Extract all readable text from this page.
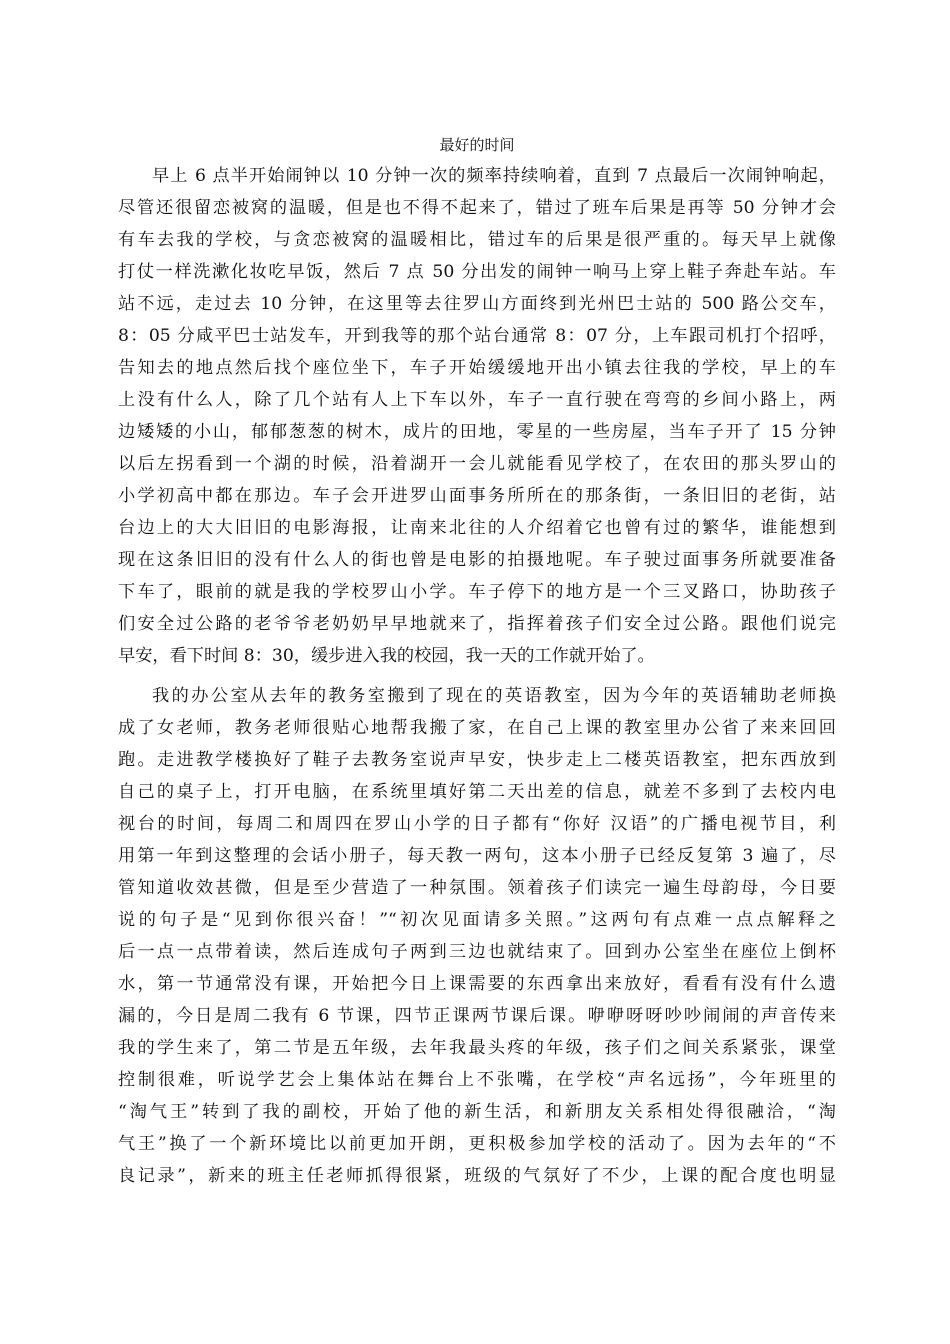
最好的时间
早上 6 点半开始闹钟以 10 分钟一次的频率持续响着，直到 7 点最后一次闹钟响起，
尽管还很留恋被窝的温暖，但是也不得不起来了，错过了班车后果是再等 50 分钟才会
有车去我的学校，与贪恋被窝的温暖相比，错过车的后果是很严重的。每天早上就像
打仗一样洗漱化妆吃早饭，然后 7 点 50 分出发的闹钟一响马上穿上鞋子奔赴车站。车
站不远，走过去 10 分钟，在这里等去往罗山方面终到光州巴士站的 500 路公交车，
8：05 分咸平巴士站发车，开到我等的那个站台通常 8：07 分，上车跟司机打个招呼，
告知去的地点然后找个座位坐下，车子开始缓缓地开出小镇去往我的学校，早上的车
上没有什么人，除了几个站有人上下车以外，车子一直行驶在弯弯的乡间小路上，两
边矮矮的小山，郁郁葱葱的树木，成片的田地，零星的一些房屋，当车子开了 15 分钟
以后左拐看到一个湖的时候，沿着湖开一会儿就能看见学校了，在农田的那头罗山的
小学初高中都在那边。车子会开进罗山面事务所所在的那条街，一条旧旧的老街，站
台边上的大大旧旧的电影海报，让南来北往的人介绍着它也曾有过的繁华，谁能想到
现在这条旧旧的没有什么人的街也曾是电影的拍摄地呢。车子驶过面事务所就要准备
下车了，眼前的就是我的学校罗山小学。车子停下的地方是一个三叉路口，协助孩子
们安全过公路的老爷爷老奶奶早早地就来了，指挥着孩子们安全过公路。跟他们说完
早安，看下时间 8：30，缓步进入我的校园，我一天的工作就开始了。
我的办公室从去年的教务室搬到了现在的英语教室，因为今年的英语辅助老师换
成了女老师，教务老师很贴心地帮我搬了家，在自己上课的教室里办公省了来来回回
跑。走进教学楼换好了鞋子去教务室说声早安，快步走上二楼英语教室，把东西放到
自己的桌子上，打开电脑，在系统里填好第二天出差的信息，就差不多到了去校内电
视台的时间，每周二和周四在罗山小学的日子都有“你好 汉语”的广播电视节目，利
用第一年到这整理的会话小册子，每天教一两句，这本小册子已经反复第 3 遍了，尽
管知道收效甚微，但是至少营造了一种氛围。领着孩子们读完一遍生母韵母，今日要
说的句子是“见到你很兴奋！”“初次见面请多关照。”这两句有点难一点点解释之
后一点一点带着读，然后连成句子两到三边也就结束了。回到办公室坐在座位上倒杯
水，第一节通常没有课，开始把今日上课需要的东西拿出来放好，看看有没有什么遗
漏的，今日是周二我有 6 节课，四节正课两节课后课。咿咿呀呀吵吵闹闹的声音传来
我的学生来了，第二节是五年级，去年我最头疼的年级，孩子们之间关系紧张，课堂
控制很难，听说学艺会上集体站在舞台上不张嘴，在学校“声名远扬”，今年班里的
“淘气王”转到了我的副校，开始了他的新生活，和新朋友关系相处得很融洽，“淘
气王”换了一个新环境比以前更加开朗，更积极参加学校的活动了。因为去年的“不
良记录”，新来的班主任老师抓得很紧，班级的气氛好了不少，上课的配合度也明显
